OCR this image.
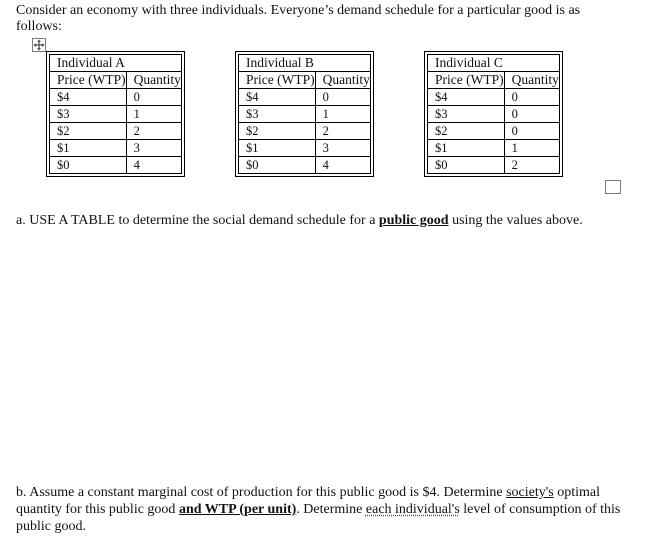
Consider an economy with three individuals. Everyone’s demand schedule for a particular good is as follows:

Individual A	
Price (WTP)	Quantity
$4	0
$3	1
$2	2
$1	3
$0	4
Individual B	
Price (WTP)	Quantity
$4	0
$3	1
$2	2
$1	3
$0	4
Individual C	
Price (WTP)	Quantity
$4	0
$3	0
$2	0
$1	1
$0	2

a. USE A TABLE to determine the social demand schedule for a public good using the values above.

b. Assume a constant marginal cost of production for this public good is $4. Determine society's optimal quantity for this public good and WTP (per unit). Determine each individual's level of consumption of this public good.
